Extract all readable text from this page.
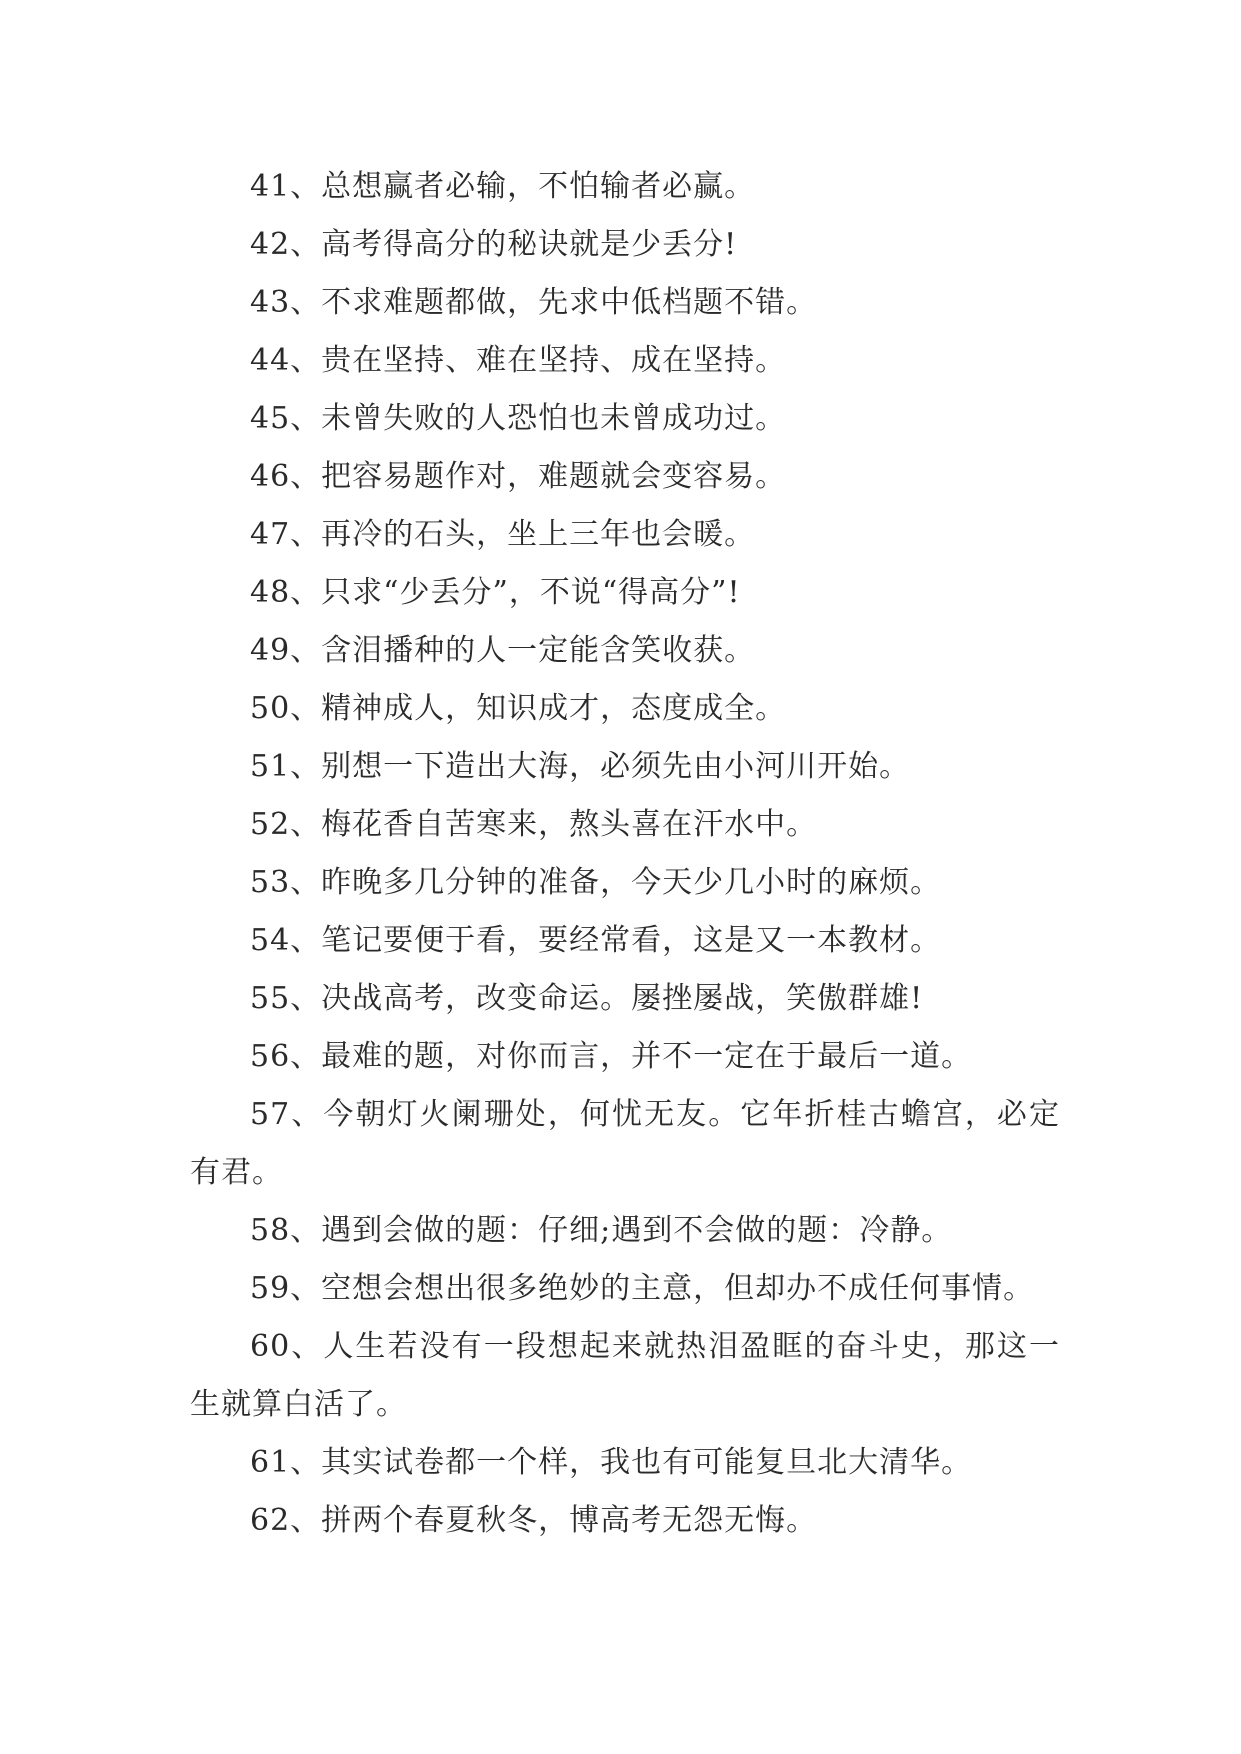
41、总想赢者必输，不怕输者必赢。

42、高考得高分的秘诀就是少丢分!

43、不求难题都做，先求中低档题不错。

44、贵在坚持、难在坚持、成在坚持。

45、未曾失败的人恐怕也未曾成功过。

46、把容易题作对，难题就会变容易。

47、再冷的石头，坐上三年也会暖。

48、只求“少丢分”，不说“得高分”!

49、含泪播种的人一定能含笑收获。

50、精神成人，知识成才，态度成全。

51、别想一下造出大海，必须先由小河川开始。

52、梅花香自苦寒来，熬头喜在汗水中。

53、昨晚多几分钟的准备，今天少几小时的麻烦。

54、笔记要便于看，要经常看，这是又一本教材。

55、决战高考，改变命运。屡挫屡战，笑傲群雄!

56、最难的题，对你而言，并不一定在于最后一道。

57、今朝灯火阑珊处，何忧无友。它年折桂古蟾宫，必定有君。

58、遇到会做的题：仔细;遇到不会做的题：冷静。

59、空想会想出很多绝妙的主意，但却办不成任何事情。

60、人生若没有一段想起来就热泪盈眶的奋斗史，那这一生就算白活了。

61、其实试卷都一个样，我也有可能复旦北大清华。

62、拼两个春夏秋冬，博高考无怨无悔。
